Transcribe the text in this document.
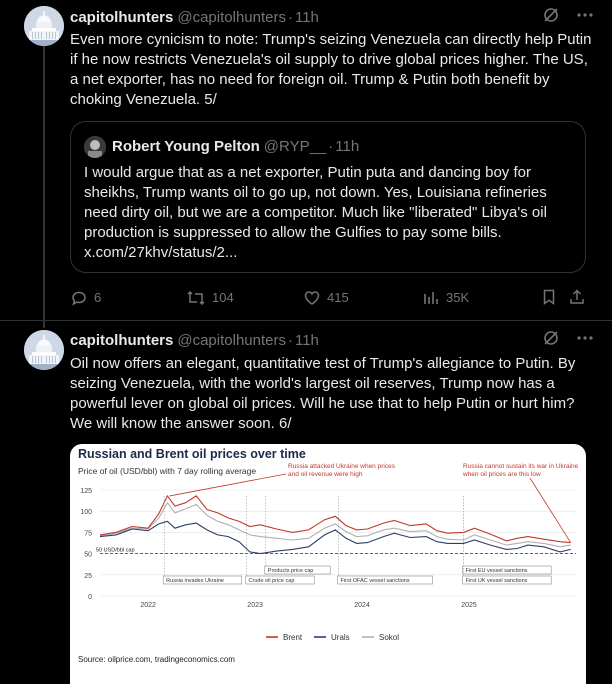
capitolhunters @capitolhunters · 11h
Even more cynicism to note: Trump's seizing Venezuela can directly help Putin if he now restricts Venezuela's oil supply to drive global prices higher. The US, a net exporter, has no need for foreign oil. Trump & Putin both benefit by choking Venezuela. 5/
Robert Young Pelton @RYP__ · 11h
I would argue that as a net exporter, Putin puta and dancing boy for sheikhs, Trump wants oil to go up, not down. Yes, Louisiana refineries need dirty oil, but we are a competitor. Much like "liberated" Libya's oil production is suppressed to allow the Gulfies to pay some bills.
x.com/27khv/status/2...
6	104	415	35K
capitolhunters @capitolhunters · 11h
Oil now offers an elegant, quantitative test of Trump's allegiance to Putin. By seizing Venezuela, with the world's largest oil reserves, Trump now has a powerful lever on global oil prices. Will he use that to help Putin or hurt him? We will know the answer soon. 6/
Russian and Brent oil prices over time
Price of oil (USD/bbl) with 7 day rolling average
0
25
50
75
100
125
50 USD/bbl cap
2022	2023	2024	2025
Russia invades Ukraine
Products price cap
Crude oil price cap	First OFAC vessel sanctions
First EU vessel sanctions
First UK vessel sanctions
Russia attacked Ukraine when prices and oil revenue were high
Russia cannot sustain its war in Ukraine when oil prices are this low
Brent	Urals	Sokol
Source: oilprice.com, tradingeconomics.com
